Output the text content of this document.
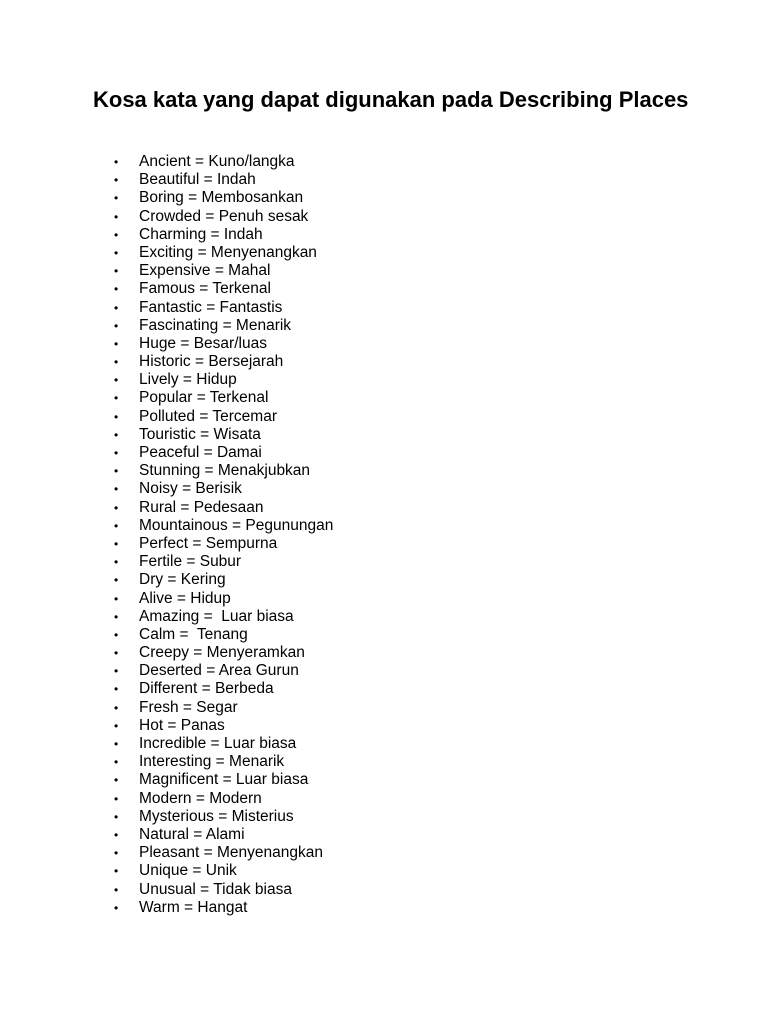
Kosa kata yang dapat digunakan pada Describing Places
• Ancient = Kuno/langka
• Beautiful = Indah
• Boring = Membosankan
• Crowded = Penuh sesak
• Charming = Indah
• Exciting = Menyenangkan
• Expensive = Mahal
• Famous = Terkenal
• Fantastic = Fantastis
• Fascinating = Menarik
• Huge = Besar/luas
• Historic = Bersejarah
• Lively = Hidup
• Popular = Terkenal
• Polluted = Tercemar
• Touristic = Wisata
• Peaceful = Damai
• Stunning = Menakjubkan
• Noisy = Berisik
• Rural = Pedesaan
• Mountainous = Pegunungan
• Perfect = Sempurna
• Fertile = Subur
• Dry = Kering
• Alive = Hidup
• Amazing =  Luar biasa
• Calm =  Tenang
• Creepy = Menyeramkan
• Deserted = Area Gurun
• Different = Berbeda
• Fresh = Segar
• Hot = Panas
• Incredible = Luar biasa
• Interesting = Menarik
• Magnificent = Luar biasa
• Modern = Modern
• Mysterious = Misterius
• Natural = Alami
• Pleasant = Menyenangkan
• Unique = Unik
• Unusual = Tidak biasa
• Warm = Hangat
